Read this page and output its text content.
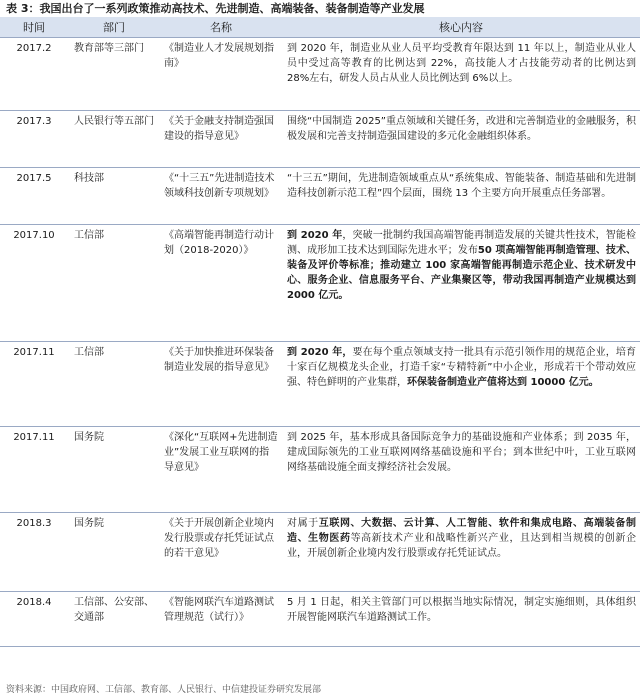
表 3：我国出台了一系列政策推动高技术、先进制造、高端装备、装备制造等产业发展
时间	部门	名称	核心内容
2017.2	教育部等三部门	《制造业人才发展规划指南》	到 2020 年，制造业从业人员平均受教育年限达到 11 年以上，制造业从业人员中受过高等教育的比例达到 22%，高技能人才占技能劳动者的比例达到 28%左右，研发人员占从业人员比例达到 6%以上。
2017.3	人民银行等五部门	《关于金融支持制造强国建设的指导意见》	围绕“中国制造 2025”重点领域和关键任务，改进和完善制造业的金融服务，积极发展和完善支持制造强国建设的多元化金融组织体系。
2017.5	科技部	《“十三五”先进制造技术领域科技创新专项规划》	“十三五”期间，先进制造领域重点从“系统集成、智能装备、制造基础和先进制造科技创新示范工程”四个层面，围绕 13 个主要方向开展重点任务部署。
2017.10	工信部	《高端智能再制造行动计划（2018-2020）》	到 2020 年，突破一批制约我国高端智能再制造发展的关键共性技术，智能检测、成形加工技术达到国际先进水平；发布50 项高端智能再制造管理、技术、装备及评价等标准；推动建立 100 家高端智能再制造示范企业、技术研发中心、服务企业、信息服务平台、产业集聚区等，带动我国再制造产业规模达到 2000 亿元。
2017.11	工信部	《关于加快推进环保装备制造业发展的指导意见》	到 2020 年，要在每个重点领域支持一批具有示范引领作用的规范企业，培育十家百亿规模龙头企业，打造千家“专精特新”中小企业，形成若干个带动效应强、特色鲜明的产业集群，环保装备制造业产值将达到 10000 亿元。
2017.11	国务院	《深化“互联网+先进制造业”发展工业互联网的指导意见》	到 2025 年，基本形成具备国际竞争力的基础设施和产业体系；到 2035 年，建成国际领先的工业互联网网络基础设施和平台；到本世纪中叶，工业互联网网络基础设施全面支撑经济社会发展。
2018.3	国务院	《关于开展创新企业境内发行股票或存托凭证试点的若干意见》	对属于互联网、大数据、云计算、人工智能、软件和集成电路、高端装备制造、生物医药等高新技术产业和战略性新兴产业，且达到相当规模的创新企业，开展创新企业境内发行股票或存托凭证试点。
2018.4	工信部、公安部、交通部	《智能网联汽车道路测试管理规范（试行）》	5 月 1 日起，相关主管部门可以根据当地实际情况，制定实施细则，具体组织开展智能网联汽车道路测试工作。
资料来源：中国政府网、工信部、教育部、人民银行、中信建投证券研究发展部
